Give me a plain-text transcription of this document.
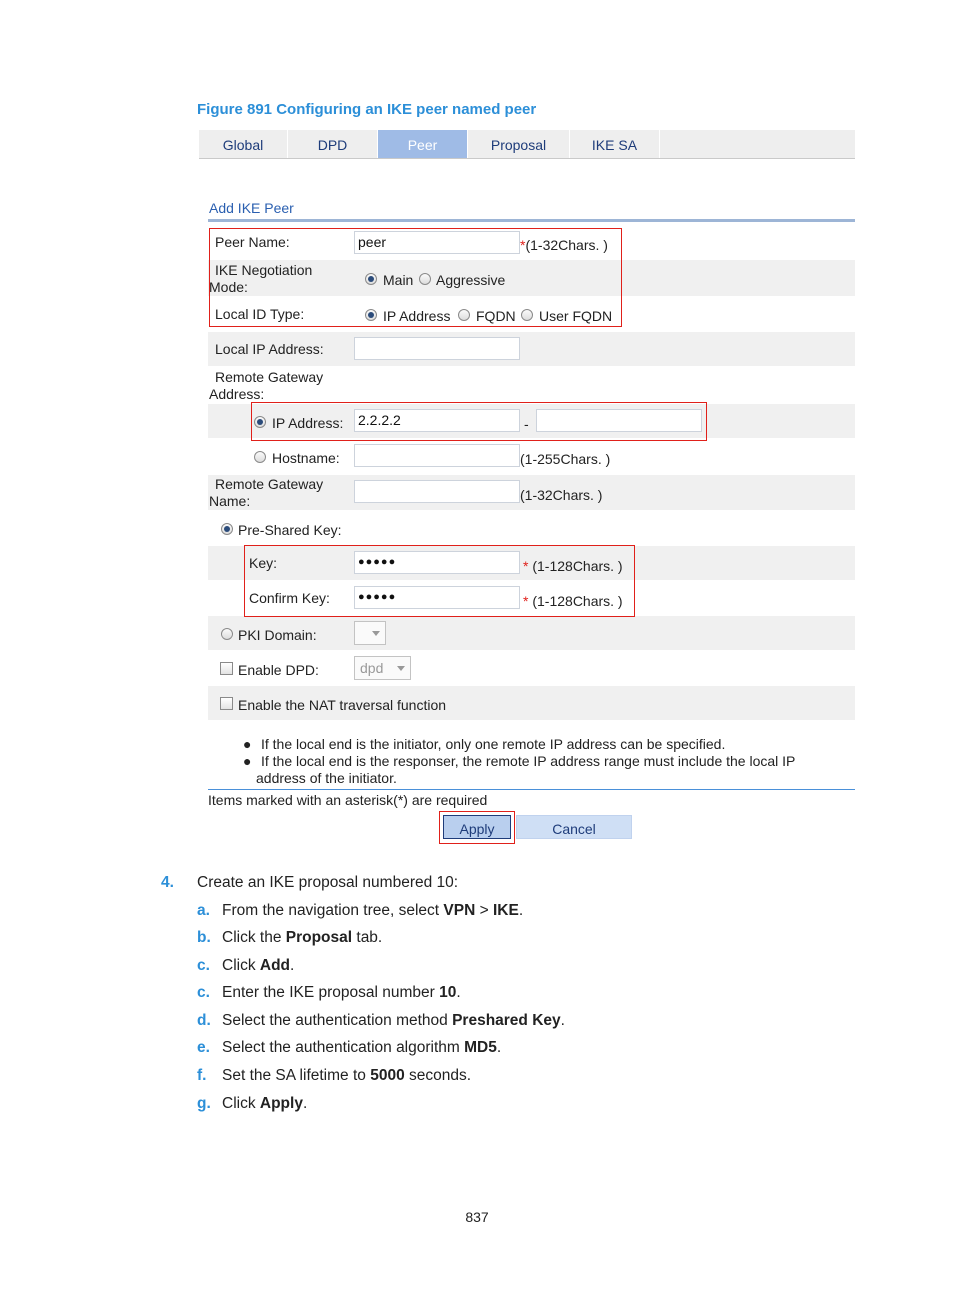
Figure 891 Configuring an IKE peer named peer
Global	DPD	Peer	Proposal	IKE SA
Add IKE Peer
Peer Name:	peer	*(1-32Chars. )
IKE Negotiation
Mode:	Main Aggressive
Local ID Type:	IP Address FQDN User FQDN
Local IP Address:
Remote Gateway
Address:
IP Address: 2.2.2.2	-
Hostname:	(1-255Chars. )
Remote Gateway
Name:	(1-32Chars. )
Pre-Shared Key:
Key:	●●●●●	* (1-128Chars. )
Confirm Key:	●●●●●	* (1-128Chars. )
PKI Domain:
Enable DPD:	dpd
Enable the NAT traversal function
● If the local end is the initiator, only one remote IP address can be specified.
● If the local end is the responser, the remote IP address range must include the local IP
address of the initiator.
Items marked with an asterisk(*) are required
Apply	Cancel
4. Create an IKE proposal numbered 10:
a. From the navigation tree, select VPN > IKE.
b. Click the Proposal tab.
c. Click Add.
c. Enter the IKE proposal number 10.
d. Select the authentication method Preshared Key.
e. Select the authentication algorithm MD5.
f. Set the SA lifetime to 5000 seconds.
g. Click Apply.
837
